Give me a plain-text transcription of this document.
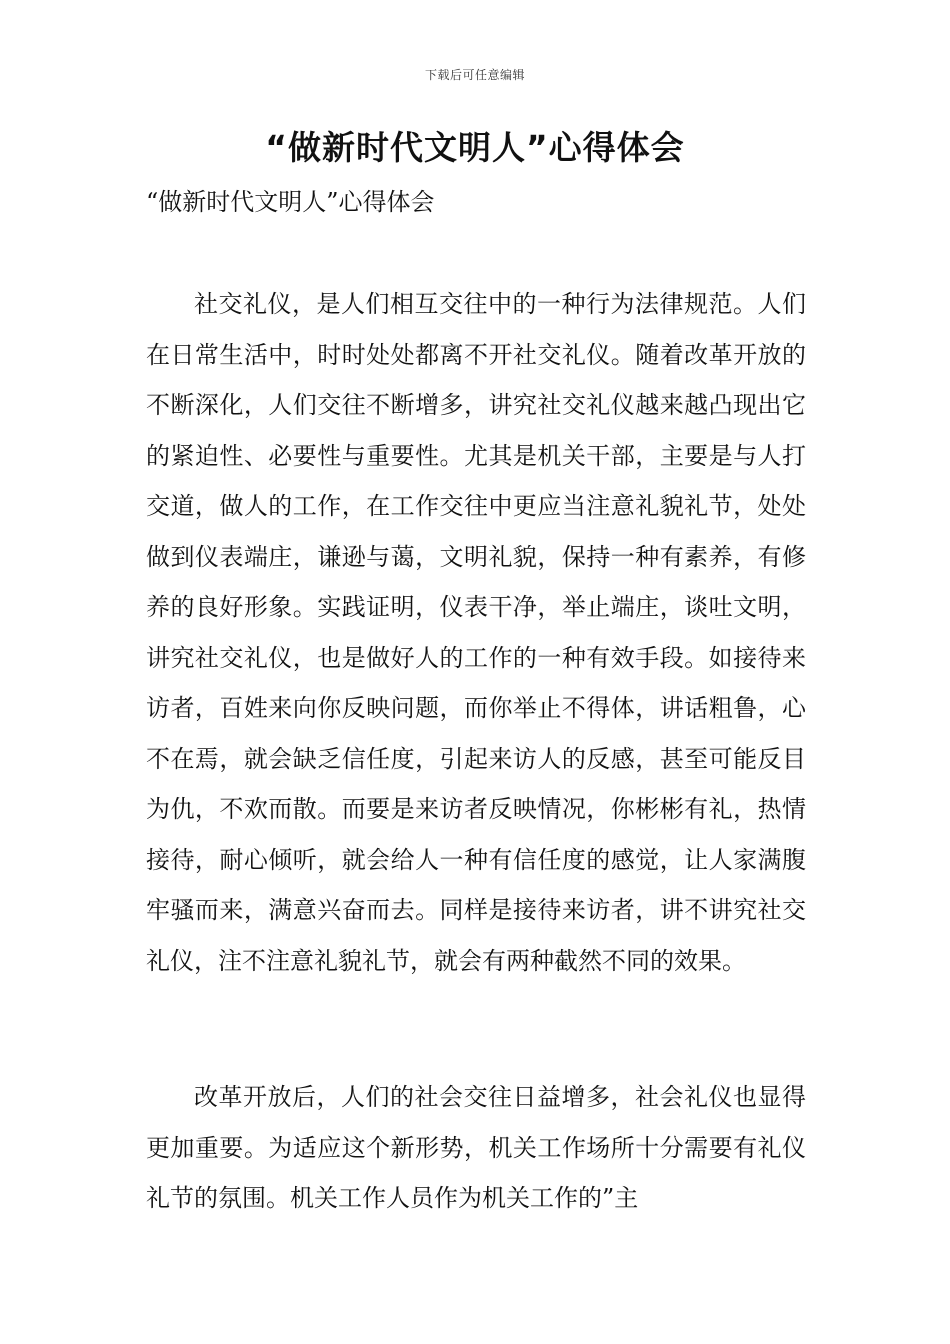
下载后可任意编辑
“做新时代文明人”心得体会

“做新时代文明人”心得体会

社交礼仪，是人们相互交往中的一种行为法律规范。人们在日常生活中，时时处处都离不开社交礼仪。随着改革开放的不断深化，人们交往不断增多，讲究社交礼仪越来越凸现出它的紧迫性、必要性与重要性。尤其是机关干部，主要是与人打交道，做人的工作，在工作交往中更应当注意礼貌礼节，处处做到仪表端庄，谦逊与蔼，文明礼貌，保持一种有素养，有修养的良好形象。实践证明，仪表干净，举止端庄，谈吐文明，讲究社交礼仪，也是做好人的工作的一种有效手段。如接待来访者，百姓来向你反映问题，而你举止不得体，讲话粗鲁，心不在焉，就会缺乏信任度，引起来访人的反感，甚至可能反目为仇，不欢而散。而要是来访者反映情况，你彬彬有礼，热情接待，耐心倾听，就会给人一种有信任度的感觉，让人家满腹牢骚而来，满意兴奋而去。同样是接待来访者，讲不讲究社交礼仪，注不注意礼貌礼节，就会有两种截然不同的效果。

改革开放后，人们的社会交往日益增多，社会礼仪也显得更加重要。为适应这个新形势，机关工作场所十分需要有礼仪礼节的氛围。机关工作人员作为机关工作的”主
